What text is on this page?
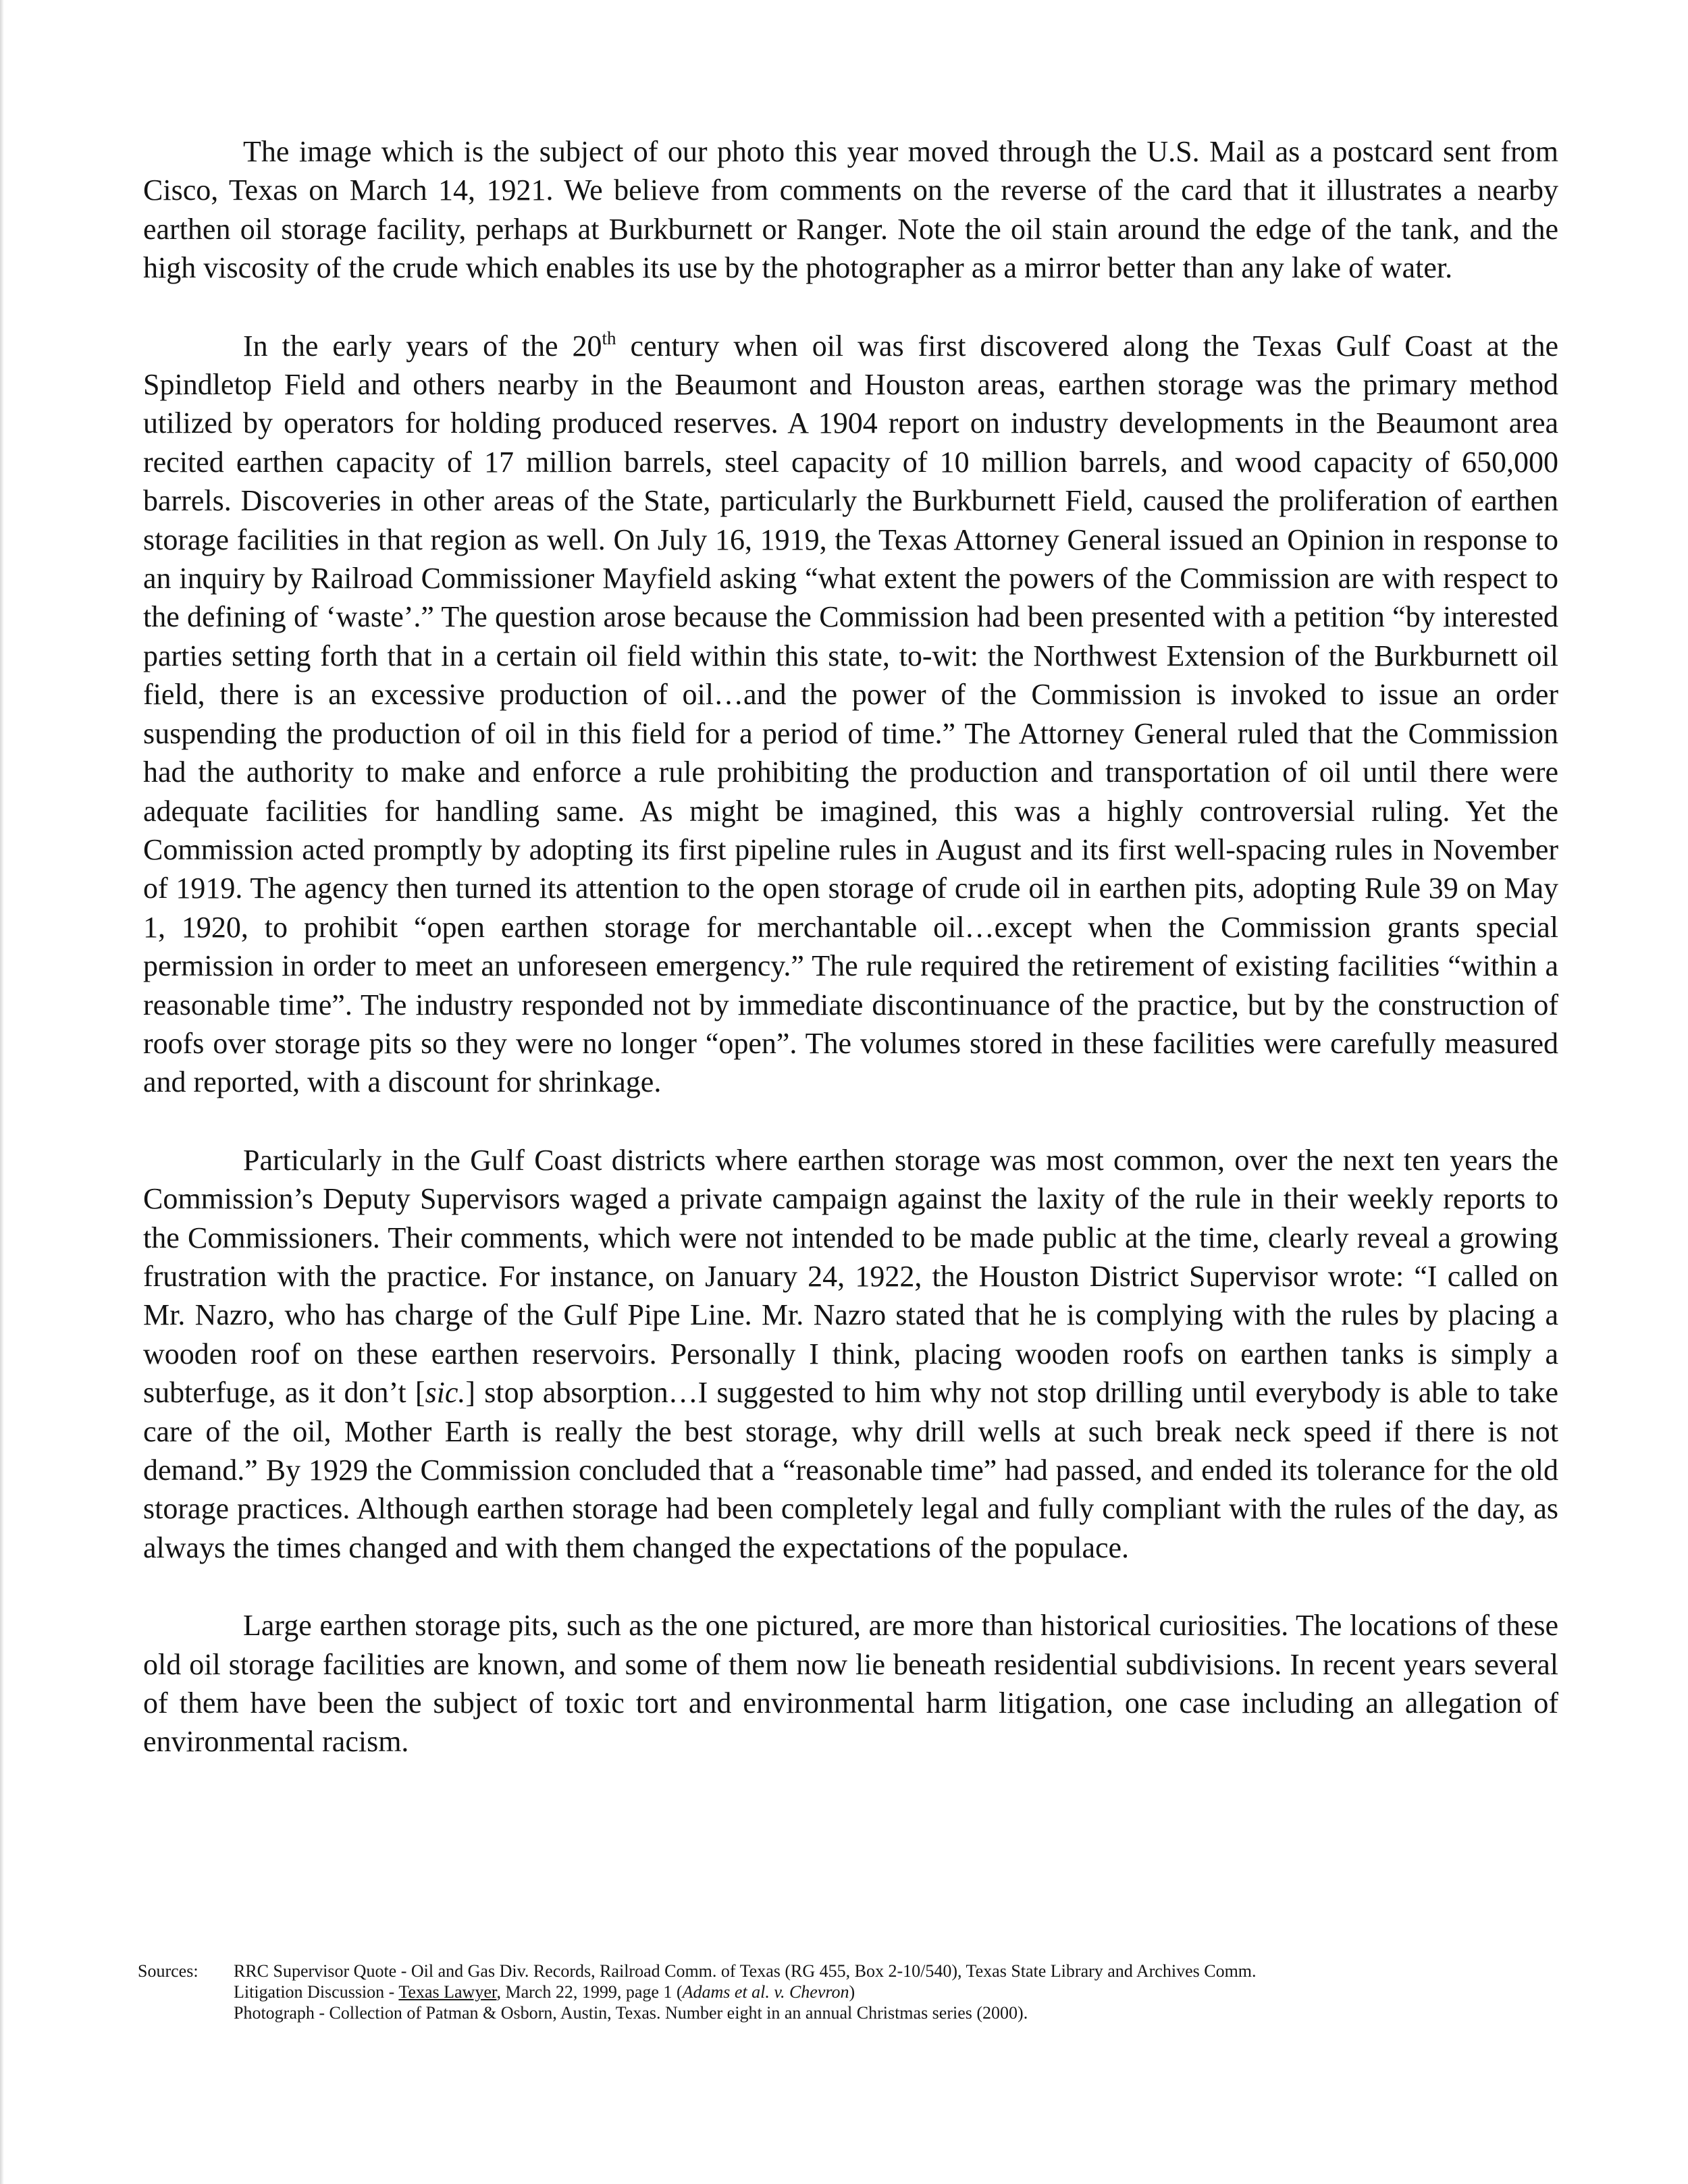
The image which is the subject of our photo this year moved through the U.S. Mail as a postcard sent from Cisco, Texas on March 14, 1921. We believe from comments on the reverse of the card that it illustrates a nearby earthen oil storage facility, perhaps at Burkburnett or Ranger. Note the oil stain around the edge of the tank, and the high viscosity of the crude which enables its use by the photographer as a mirror better than any lake of water.

In the early years of the 20th century when oil was first discovered along the Texas Gulf Coast at the Spindletop Field and others nearby in the Beaumont and Houston areas, earthen storage was the primary method utilized by operators for holding produced reserves. A 1904 report on industry developments in the Beaumont area recited earthen capacity of 17 million barrels, steel capacity of 10 million barrels, and wood capacity of 650,000 barrels. Discoveries in other areas of the State, particularly the Burkburnett Field, caused the proliferation of earthen storage facilities in that region as well. On July 16, 1919, the Texas Attorney General issued an Opinion in response to an inquiry by Railroad Commissioner Mayfield asking “what extent the powers of the Commission are with respect to the defining of ‘waste’.” The question arose because the Commission had been presented with a petition “by interested parties setting forth that in a certain oil field within this state, to-wit: the Northwest Extension of the Burkburnett oil field, there is an excessive production of oil…and the power of the Commission is invoked to issue an order suspending the production of oil in this field for a period of time.” The Attorney General ruled that the Commission had the authority to make and enforce a rule prohibiting the production and transportation of oil until there were adequate facilities for handling same. As might be imagined, this was a highly controversial ruling. Yet the Commission acted promptly by adopting its first pipeline rules in August and its first well-spacing rules in November of 1919. The agency then turned its attention to the open storage of crude oil in earthen pits, adopting Rule 39 on May 1, 1920, to prohibit “open earthen storage for merchantable oil…except when the Commission grants special permission in order to meet an unforeseen emergency.” The rule required the retirement of existing facilities “within a reasonable time”. The industry responded not by immediate discontinuance of the practice, but by the construction of roofs over storage pits so they were no longer “open”. The volumes stored in these facilities were carefully measured and reported, with a discount for shrinkage.

Particularly in the Gulf Coast districts where earthen storage was most common, over the next ten years the Commission’s Deputy Supervisors waged a private campaign against the laxity of the rule in their weekly reports to the Commissioners. Their comments, which were not intended to be made public at the time, clearly reveal a growing frustration with the practice. For instance, on January 24, 1922, the Houston District Supervisor wrote: “I called on Mr. Nazro, who has charge of the Gulf Pipe Line. Mr. Nazro stated that he is complying with the rules by placing a wooden roof on these earthen reservoirs. Personally I think, placing wooden roofs on earthen tanks is simply a subterfuge, as it don’t [sic.] stop absorption…I suggested to him why not stop drilling until everybody is able to take care of the oil, Mother Earth is really the best storage, why drill wells at such break neck speed if there is not demand.” By 1929 the Commission concluded that a “reasonable time” had passed, and ended its tolerance for the old storage practices. Although earthen storage had been completely legal and fully compliant with the rules of the day, as always the times changed and with them changed the expectations of the populace.

Large earthen storage pits, such as the one pictured, are more than historical curiosities. The locations of these old oil storage facilities are known, and some of them now lie beneath residential subdivisions. In recent years several of them have been the subject of toxic tort and environmental harm litigation, one case including an allegation of environmental racism.

Sources:	RRC Supervisor Quote - Oil and Gas Div. Records, Railroad Comm. of Texas (RG 455, Box 2-10/540), Texas State Library and Archives Comm.
Litigation Discussion - Texas Lawyer, March 22, 1999, page 1 (Adams et al. v. Chevron)
Photograph - Collection of Patman & Osborn, Austin, Texas. Number eight in an annual Christmas series (2000).
